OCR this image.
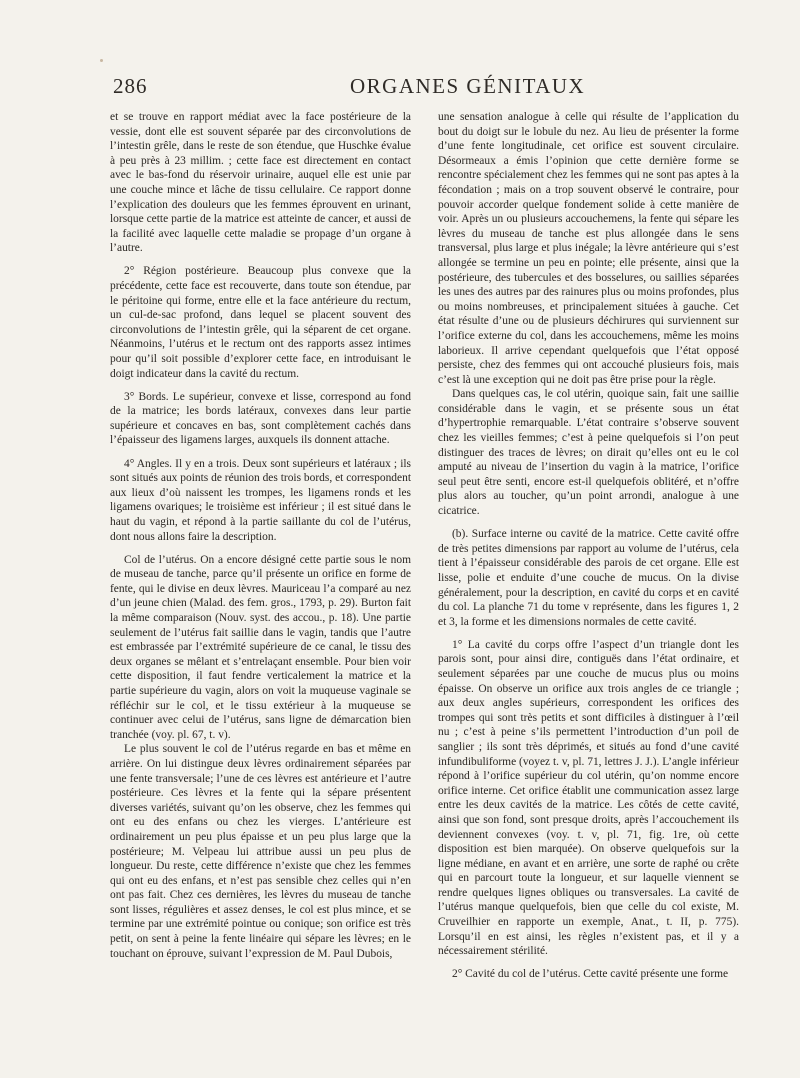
286	ORGANES GÉNITAUX

et se trouve en rapport médiat avec la face postérieure de la vessie, dont elle est souvent séparée par des circonvolutions de l’intestin grêle, dans le reste de son étendue, que Huschke évalue à peu près à 23 millim. ; cette face est directement en contact avec le bas-fond du réservoir urinaire, auquel elle est unie par une couche mince et lâche de tissu cellulaire. Ce rapport donne l’explication des douleurs que les femmes éprouvent en urinant, lorsque cette partie de la matrice est atteinte de cancer, et aussi de la facilité avec laquelle cette maladie se propage d’un organe à l’autre.

2° Région postérieure. Beaucoup plus convexe que la précédente, cette face est recouverte, dans toute son étendue, par le péritoine qui forme, entre elle et la face antérieure du rectum, un cul-de-sac profond, dans lequel se placent souvent des circonvolutions de l’intestin grêle, qui la séparent de cet organe. Néanmoins, l’utérus et le rectum ont des rapports assez intimes pour qu’il soit possible d’explorer cette face, en introduisant le doigt indicateur dans la cavité du rectum.

3° Bords. Le supérieur, convexe et lisse, correspond au fond de la matrice; les bords latéraux, convexes dans leur partie supérieure et concaves en bas, sont complètement cachés dans l’épaisseur des ligamens larges, auxquels ils donnent attache.

4° Angles. Il y en a trois. Deux sont supérieurs et latéraux ; ils sont situés aux points de réunion des trois bords, et correspondent aux lieux d’où naissent les trompes, les ligamens ronds et les ligamens ovariques; le troisième est inférieur ; il est situé dans le haut du vagin, et répond à la partie saillante du col de l’utérus, dont nous allons faire la description.

Col de l’utérus. On a encore désigné cette partie sous le nom de museau de tanche, parce qu’il présente un orifice en forme de fente, qui le divise en deux lèvres. Mauriceau l’a comparé au nez d’un jeune chien (Malad. des fem. gros., 1793, p. 29). Burton fait la même comparaison (Nouv. syst. des accou., p. 18). Une partie seulement de l’utérus fait saillie dans le vagin, tandis que l’autre est embrassée par l’extrémité supérieure de ce canal, le tissu des deux organes se mêlant et s’entrelaçant ensemble. Pour bien voir cette disposition, il faut fendre verticalement la matrice et la partie supérieure du vagin, alors on voit la muqueuse vaginale se réfléchir sur le col, et le tissu extérieur à la muqueuse se continuer avec celui de l’utérus, sans ligne de démarcation bien tranchée (voy. pl. 67, t. v).

Le plus souvent le col de l’utérus regarde en bas et même en arrière. On lui distingue deux lèvres ordinairement séparées par une fente transversale; l’une de ces lèvres est antérieure et l’autre postérieure. Ces lèvres et la fente qui la sépare présentent diverses variétés, suivant qu’on les observe, chez les femmes qui ont eu des enfans ou chez les vierges. L’antérieure est ordinairement un peu plus épaisse et un peu plus large que la postérieure; M. Velpeau lui attribue aussi un peu plus de longueur. Du reste, cette différence n’existe que chez les femmes qui ont eu des enfans, et n’est pas sensible chez celles qui n’en ont pas fait. Chez ces dernières, les lèvres du museau de tanche sont lisses, régulières et assez denses, le col est plus mince, et se termine par une extrémité pointue ou conique; son orifice est très petit, on sent à peine la fente linéaire qui sépare les lèvres; en le touchant on éprouve, suivant l’expression de M. Paul Dubois,

une sensation analogue à celle qui résulte de l’application du bout du doigt sur le lobule du nez. Au lieu de présenter la forme d’une fente longitudinale, cet orifice est souvent circulaire. Désormeaux a émis l’opinion que cette dernière forme se rencontre spécialement chez les femmes qui ne sont pas aptes à la fécondation ; mais on a trop souvent observé le contraire, pour pouvoir accorder quelque fondement solide à cette manière de voir. Après un ou plusieurs accouchemens, la fente qui sépare les lèvres du museau de tanche est plus allongée dans le sens transversal, plus large et plus inégale; la lèvre antérieure qui s’est allongée se termine un peu en pointe; elle présente, ainsi que la postérieure, des tubercules et des bosselures, ou saillies séparées les unes des autres par des rainures plus ou moins profondes, plus ou moins nombreuses, et principalement situées à gauche. Cet état résulte d’une ou de plusieurs déchirures qui surviennent sur l’orifice externe du col, dans les accouchemens, même les moins laborieux. Il arrive cependant quelquefois que l’état opposé persiste, chez des femmes qui ont accouché plusieurs fois, mais c’est là une exception qui ne doit pas être prise pour la règle.

Dans quelques cas, le col utérin, quoique sain, fait une saillie considérable dans le vagin, et se présente sous un état d’hypertrophie remarquable. L’état contraire s’observe souvent chez les vieilles femmes; c’est à peine quelquefois si l’on peut distinguer des traces de lèvres; on dirait qu’elles ont eu le col amputé au niveau de l’insertion du vagin à la matrice, l’orifice seul peut être senti, encore est-il quelquefois oblitéré, et n’offre plus alors au toucher, qu’un point arrondi, analogue à une cicatrice.

(b). Surface interne ou cavité de la matrice. Cette cavité offre de très petites dimensions par rapport au volume de l’utérus, cela tient à l’épaisseur considérable des parois de cet organe. Elle est lisse, polie et enduite d’une couche de mucus. On la divise généralement, pour la description, en cavité du corps et en cavité du col. La planche 71 du tome v représente, dans les figures 1, 2 et 3, la forme et les dimensions normales de cette cavité.

1° La cavité du corps offre l’aspect d’un triangle dont les parois sont, pour ainsi dire, contiguës dans l’état ordinaire, et seulement séparées par une couche de mucus plus ou moins épaisse. On observe un orifice aux trois angles de ce triangle ; aux deux angles supérieurs, correspondent les orifices des trompes qui sont très petits et sont difficiles à distinguer à l’œil nu ; c’est à peine s’ils permettent l’introduction d’un poil de sanglier ; ils sont très déprimés, et situés au fond d’une cavité infundibuliforme (voyez t. v, pl. 71, lettres J. J.). L’angle inférieur répond à l’orifice supérieur du col utérin, qu’on nomme encore orifice interne. Cet orifice établit une communication assez large entre les deux cavités de la matrice. Les côtés de cette cavité, ainsi que son fond, sont presque droits, après l’accouchement ils deviennent convexes (voy. t. v, pl. 71, fig. 1re, où cette disposition est bien marquée). On observe quelquefois sur la ligne médiane, en avant et en arrière, une sorte de raphé ou crête qui en parcourt toute la longueur, et sur laquelle viennent se rendre quelques lignes obliques ou transversales. La cavité de l’utérus manque quelquefois, bien que celle du col existe, M. Cruveilhier en rapporte un exemple, Anat., t. II, p. 775). Lorsqu’il en est ainsi, les règles n’existent pas, et il y a nécessairement stérilité.

2° Cavité du col de l’utérus. Cette cavité présente une forme
